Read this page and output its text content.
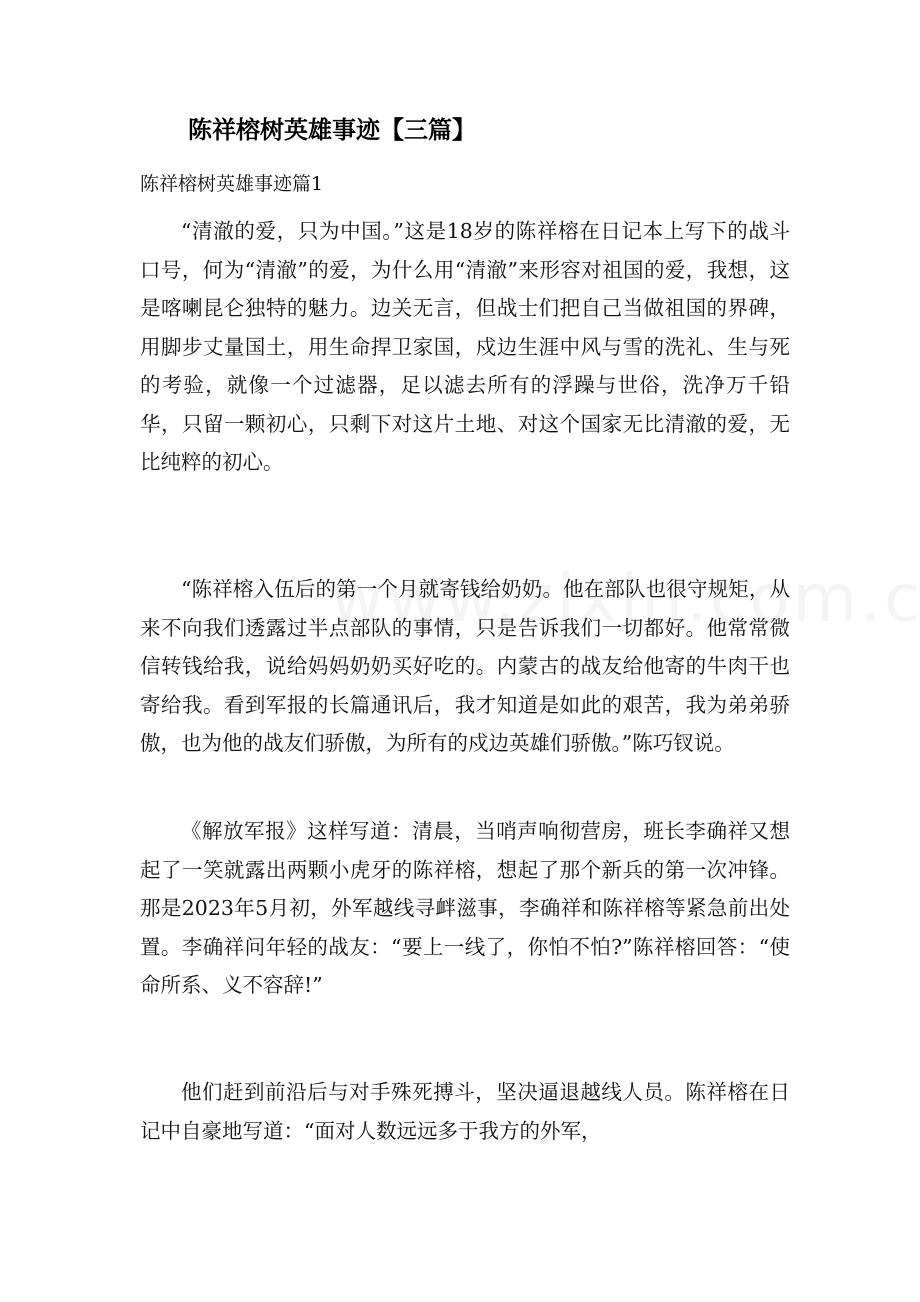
陈祥榕树英雄事迹【三篇】

陈祥榕树英雄事迹篇1

“清澈的爱，只为中国。”这是18岁的陈祥榕在日记本上写下的战斗口号，何为“清澈”的爱，为什么用“清澈”来形容对祖国的爱，我想，这是喀喇昆仑独特的魅力。边关无言，但战士们把自己当做祖国的界碑，用脚步丈量国土，用生命捍卫家国，戍边生涯中风与雪的洗礼、生与死的考验，就像一个过滤器，足以滤去所有的浮躁与世俗，洗净万千铅华，只留一颗初心，只剩下对这片土地、对这个国家无比清澈的爱，无比纯粹的初心。

“陈祥榕入伍后的第一个月就寄钱给奶奶。他在部队也很守规矩，从来不向我们透露过半点部队的事情，只是告诉我们一切都好。他常常微信转钱给我，说给妈妈奶奶买好吃的。内蒙古的战友给他寄的牛肉干也寄给我。看到军报的长篇通讯后，我才知道是如此的艰苦，我为弟弟骄傲，也为他的战友们骄傲，为所有的戍边英雄们骄傲。”陈巧钗说。

《解放军报》这样写道：清晨，当哨声响彻营房，班长李确祥又想起了一笑就露出两颗小虎牙的陈祥榕，想起了那个新兵的第一次冲锋。那是2023年5月初，外军越线寻衅滋事，李确祥和陈祥榕等紧急前出处置。李确祥问年轻的战友：“要上一线了，你怕不怕?”陈祥榕回答：“使命所系、义不容辞!”

他们赶到前沿后与对手殊死搏斗，坚决逼退越线人员。陈祥榕在日记中自豪地写道：“面对人数远远多于我方的外军，
